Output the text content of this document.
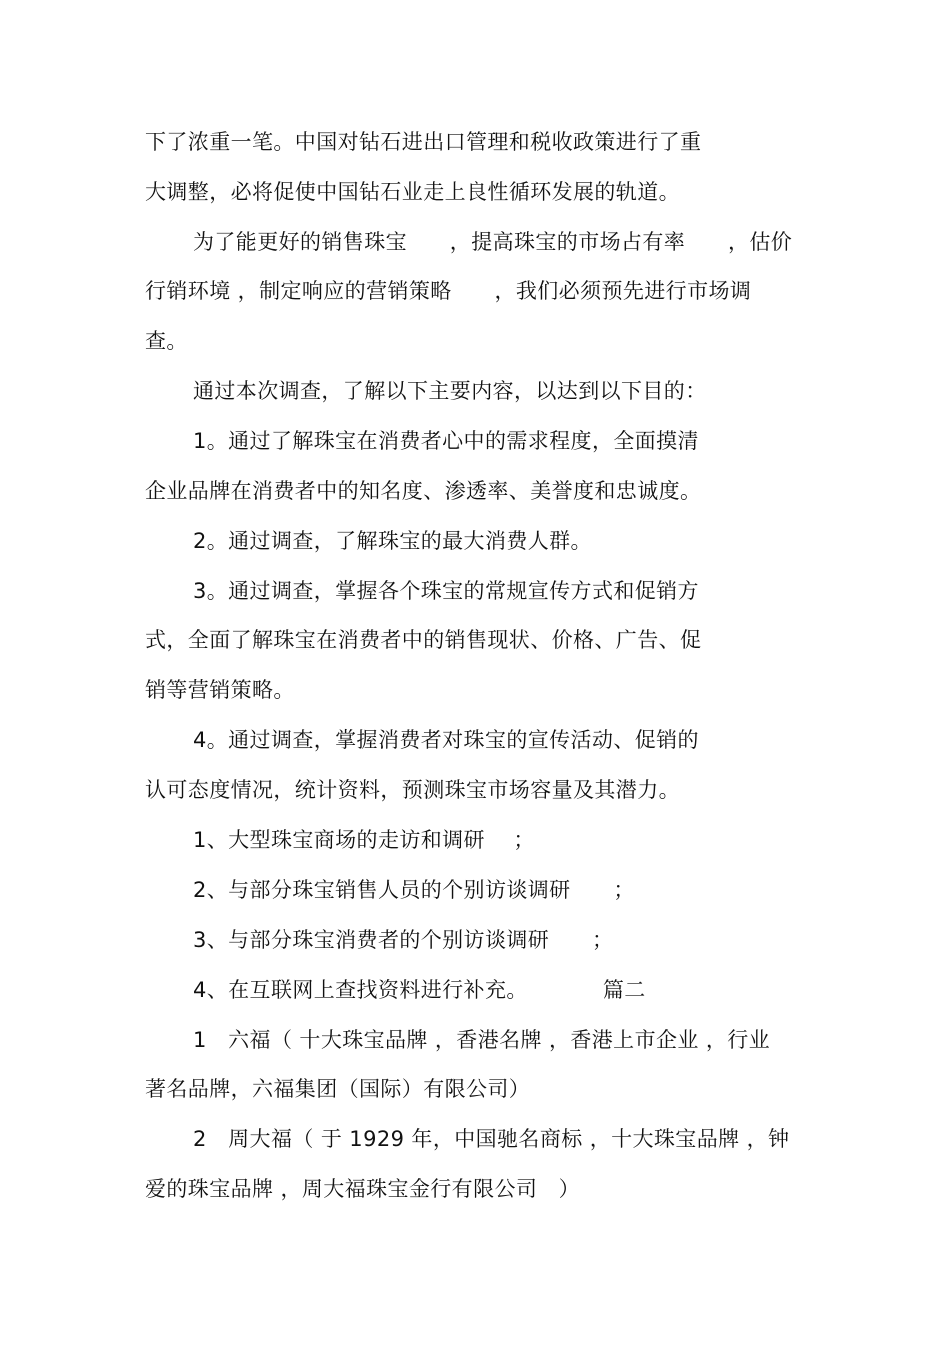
下了浓重一笔。中国对钻石进出口管理和税收政策进行了重
大调整，必将促使中国钻石业走上良性循环发展的轨道。
为了能更好的销售珠宝　　，提高珠宝的市场占有率　　，估价
行销环境 ，制定响应的营销策略　　，我们必须预先进行市场调
查。
通过本次调查，了解以下主要内容，以达到以下目的：
1。通过了解珠宝在消费者心中的需求程度，全面摸清
企业品牌在消费者中的知名度、渗透率、美誉度和忠诚度。
2。通过调查，了解珠宝的最大消费人群。
3。通过调查，掌握各个珠宝的常规宣传方式和促销方
式，全面了解珠宝在消费者中的销售现状、价格、广告、促
销等营销策略。
4。通过调查，掌握消费者对珠宝的宣传活动、促销的
认可态度情况，统计资料，预测珠宝市场容量及其潜力。
1、大型珠宝商场的走访和调研　 ；
2、与部分珠宝销售人员的个别访谈调研　　；
3、与部分珠宝消费者的个别访谈调研　　；
4、在互联网上查找资料进行补充。　　　　篇二
1　六福（ 十大珠宝品牌 ，香港名牌 ，香港上市企业 ，行业
著名品牌，六福集团（国际）有限公司）
2　周大福（ 于 1929 年，中国驰名商标 ，十大珠宝品牌 ，钟
爱的珠宝品牌 ，周大福珠宝金行有限公司　）
